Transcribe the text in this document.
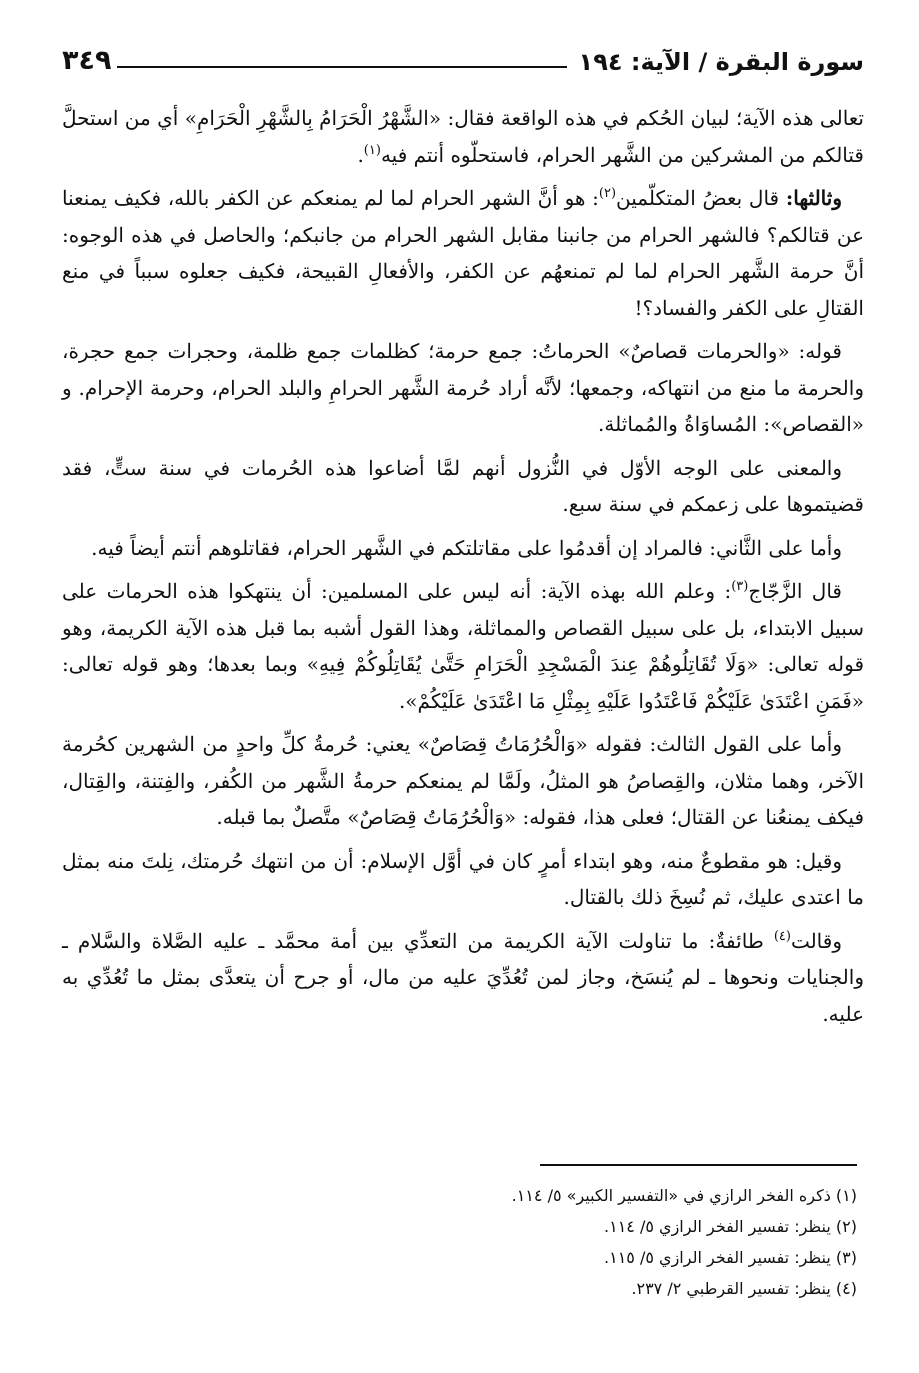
سورة البقرة / الآية: ١٩٤
٣٤٩

تعالى هذه الآية؛ لبيان الحُكم في هذه الواقعة فقال: «الشَّهْرُ الْحَرَامُ بِالشَّهْرِ الْحَرَامِ» أي من استحلَّ قتالكم من المشركين من الشَّهر الحرام، فاستحلّوه أنتم فيه$^{(١)}$.

وثالثها: قال بعضُ المتكلّمين$^{(٢)}$: هو أنَّ الشهر الحرام لما لم يمنعكم عن الكفر بالله، فكيف يمنعنا عن قتالكم؟ فالشهر الحرام من جانبنا مقابل الشهر الحرام من جانبكم؛ والحاصل في هذه الوجوه: أنَّ حرمة الشَّهر الحرام لما لم تمنعهُم عن الكفر، والأفعالِ القبيحة، فكيف جعلوه سبباً في منع القتالِ على الكفر والفساد؟!

قوله: «والحرمات قصاصٌ» الحرماتُ: جمع حرمة؛ كظلمات جمع ظلمة، وحجرات جمع حجرة، والحرمة ما منع من انتهاكه، وجمعها؛ لأنَّه أراد حُرمة الشَّهر الحرامِ والبلد الحرام، وحرمة الإحرام. و «القصاص»: المُساوَاةُ والمُماثلة.

والمعنى على الوجه الأوّل في النُّزول أنهم لمَّا أضاعوا هذه الحُرمات في سنة ستٍّ، فقد قضيتموها على زعمكم في سنة سبع.

وأما على الثَّاني: فالمراد إن أقدمُوا على مقاتلتكم في الشَّهر الحرام، فقاتلوهم أنتم أيضاً فيه.

قال الزَّجّاج$^{(٣)}$: وعلم الله بهذه الآية: أنه ليس على المسلمين: أن ينتهكوا هذه الحرمات على سبيل الابتداء، بل على سبيل القصاص والمماثلة، وهذا القول أشبه بما قبل هذه الآية الكريمة، وهو قوله تعالى: «وَلَا تُقَاتِلُوهُمْ عِندَ الْمَسْجِدِ الْحَرَامِ حَتَّىٰ يُقَاتِلُوكُمْ فِيهِ» وبما بعدها؛ وهو قوله تعالى: «فَمَنِ اعْتَدَىٰ عَلَيْكُمْ فَاعْتَدُوا عَلَيْهِ بِمِثْلِ مَا اعْتَدَىٰ عَلَيْكُمْ».

وأما على القول الثالث: فقوله «وَالْحُرُمَاتُ قِصَاصٌ» يعني: حُرمةُ كلِّ واحدٍ من الشهرين كحُرمة الآخر، وهما مثلان، والقِصاصُ هو المثلُ، ولَمَّا لم يمنعكم حرمةُ الشَّهر من الكُفر، والفِتنة، والقِتال، فيكف يمنعُنا عن القتال؛ فعلى هذا، فقوله: «وَالْحُرُمَاتُ قِصَاصٌ» متَّصلٌ بما قبله.

وقيل: هو مقطوعٌ منه، وهو ابتداء أمرٍ كان في أوَّل الإسلام: أن من انتهك حُرمتك، نِلتَ منه بمثل ما اعتدى عليك، ثم نُسِخَ ذلك بالقتال.

وقالت$^{(٤)}$ طائفةٌ: ما تناولت الآية الكريمة من التعدِّي بين أمة محمَّد ـ عليه الصَّلاة والسَّلام ـ والجنايات ونحوها ـ لم يُنسَخ، وجاز لمن تُعُدِّيَ عليه من مال، أو جرح أن يتعدَّى بمثل ما تُعُدِّي به عليه.

(١) ذكره الفخر الرازي في «التفسير الكبير» ٥/ ١١٤.
(٢) ينظر: تفسير الفخر الرازي ٥/ ١١٤.
(٣) ينظر: تفسير الفخر الرازي ٥/ ١١٥.
(٤) ينظر: تفسير القرطبي ٢/ ٢٣٧.
